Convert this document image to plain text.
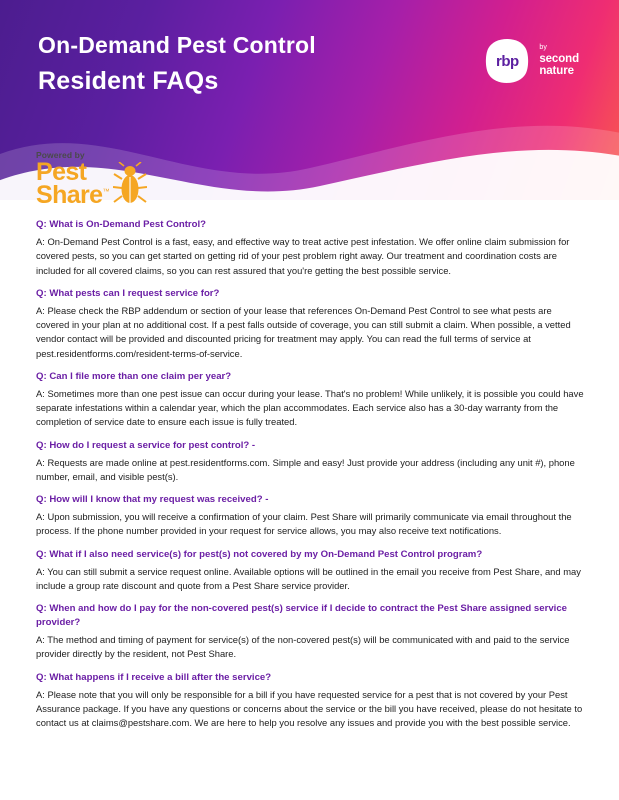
On-Demand Pest Control
Resident FAQs
rbp
by
second
nature
Powered by
Pest
Share™

Q: What is On-Demand Pest Control?

A: On-Demand Pest Control is a fast, easy, and effective way to treat active pest infestation. We offer online claim submission for covered pests, so you can get started on getting rid of your pest problem right away. Our treatment and coordination costs are included for all covered claims, so you can rest assured that you're getting the best possible service.

Q: What pests can I request service for?

A: Please check the RBP addendum or section of your lease that references On-Demand Pest Control to see what pests are covered in your plan at no additional cost. If a pest falls outside of coverage, you can still submit a claim. When possible, a vetted vendor contact will be provided and discounted pricing for treatment may apply. You can read the full terms of service at pest.residentforms.com/resident-terms-of-service.

Q: Can I file more than one claim per year?

A: Sometimes more than one pest issue can occur during your lease. That's no problem! While unlikely, it is possible you could have separate infestations within a calendar year, which the plan accommodates. Each service also has a 30-day warranty from the completion of service date to ensure each issue is fully treated.

Q: How do I request a service for pest control? -

A: Requests are made online at pest.residentforms.com. Simple and easy! Just provide your address (including any unit #), phone number, email, and visible pest(s).

Q: How will I know that my request was received? -

A: Upon submission, you will receive a confirmation of your claim. Pest Share will primarily communicate via email throughout the process. If the phone number provided in your request for service allows, you may also receive text notifications.

Q: What if I also need service(s) for pest(s) not covered by my On-Demand Pest Control program?

A: You can still submit a service request online. Available options will be outlined in the email you receive from Pest Share, and may include a group rate discount and quote from a Pest Share service provider.

Q: When and how do I pay for the non-covered pest(s) service if I decide to contract the Pest Share assigned service provider?

A: The method and timing of payment for service(s) of the non-covered pest(s) will be communicated with and paid to the service provider directly by the resident, not Pest Share.

Q: What happens if I receive a bill after the service?

A: Please note that you will only be responsible for a bill if you have requested service for a pest that is not covered by your Pest Assurance package. If you have any questions or concerns about the service or the bill you have received, please do not hesitate to contact us at claims@pestshare.com. We are here to help you resolve any issues and provide you with the best possible service.
